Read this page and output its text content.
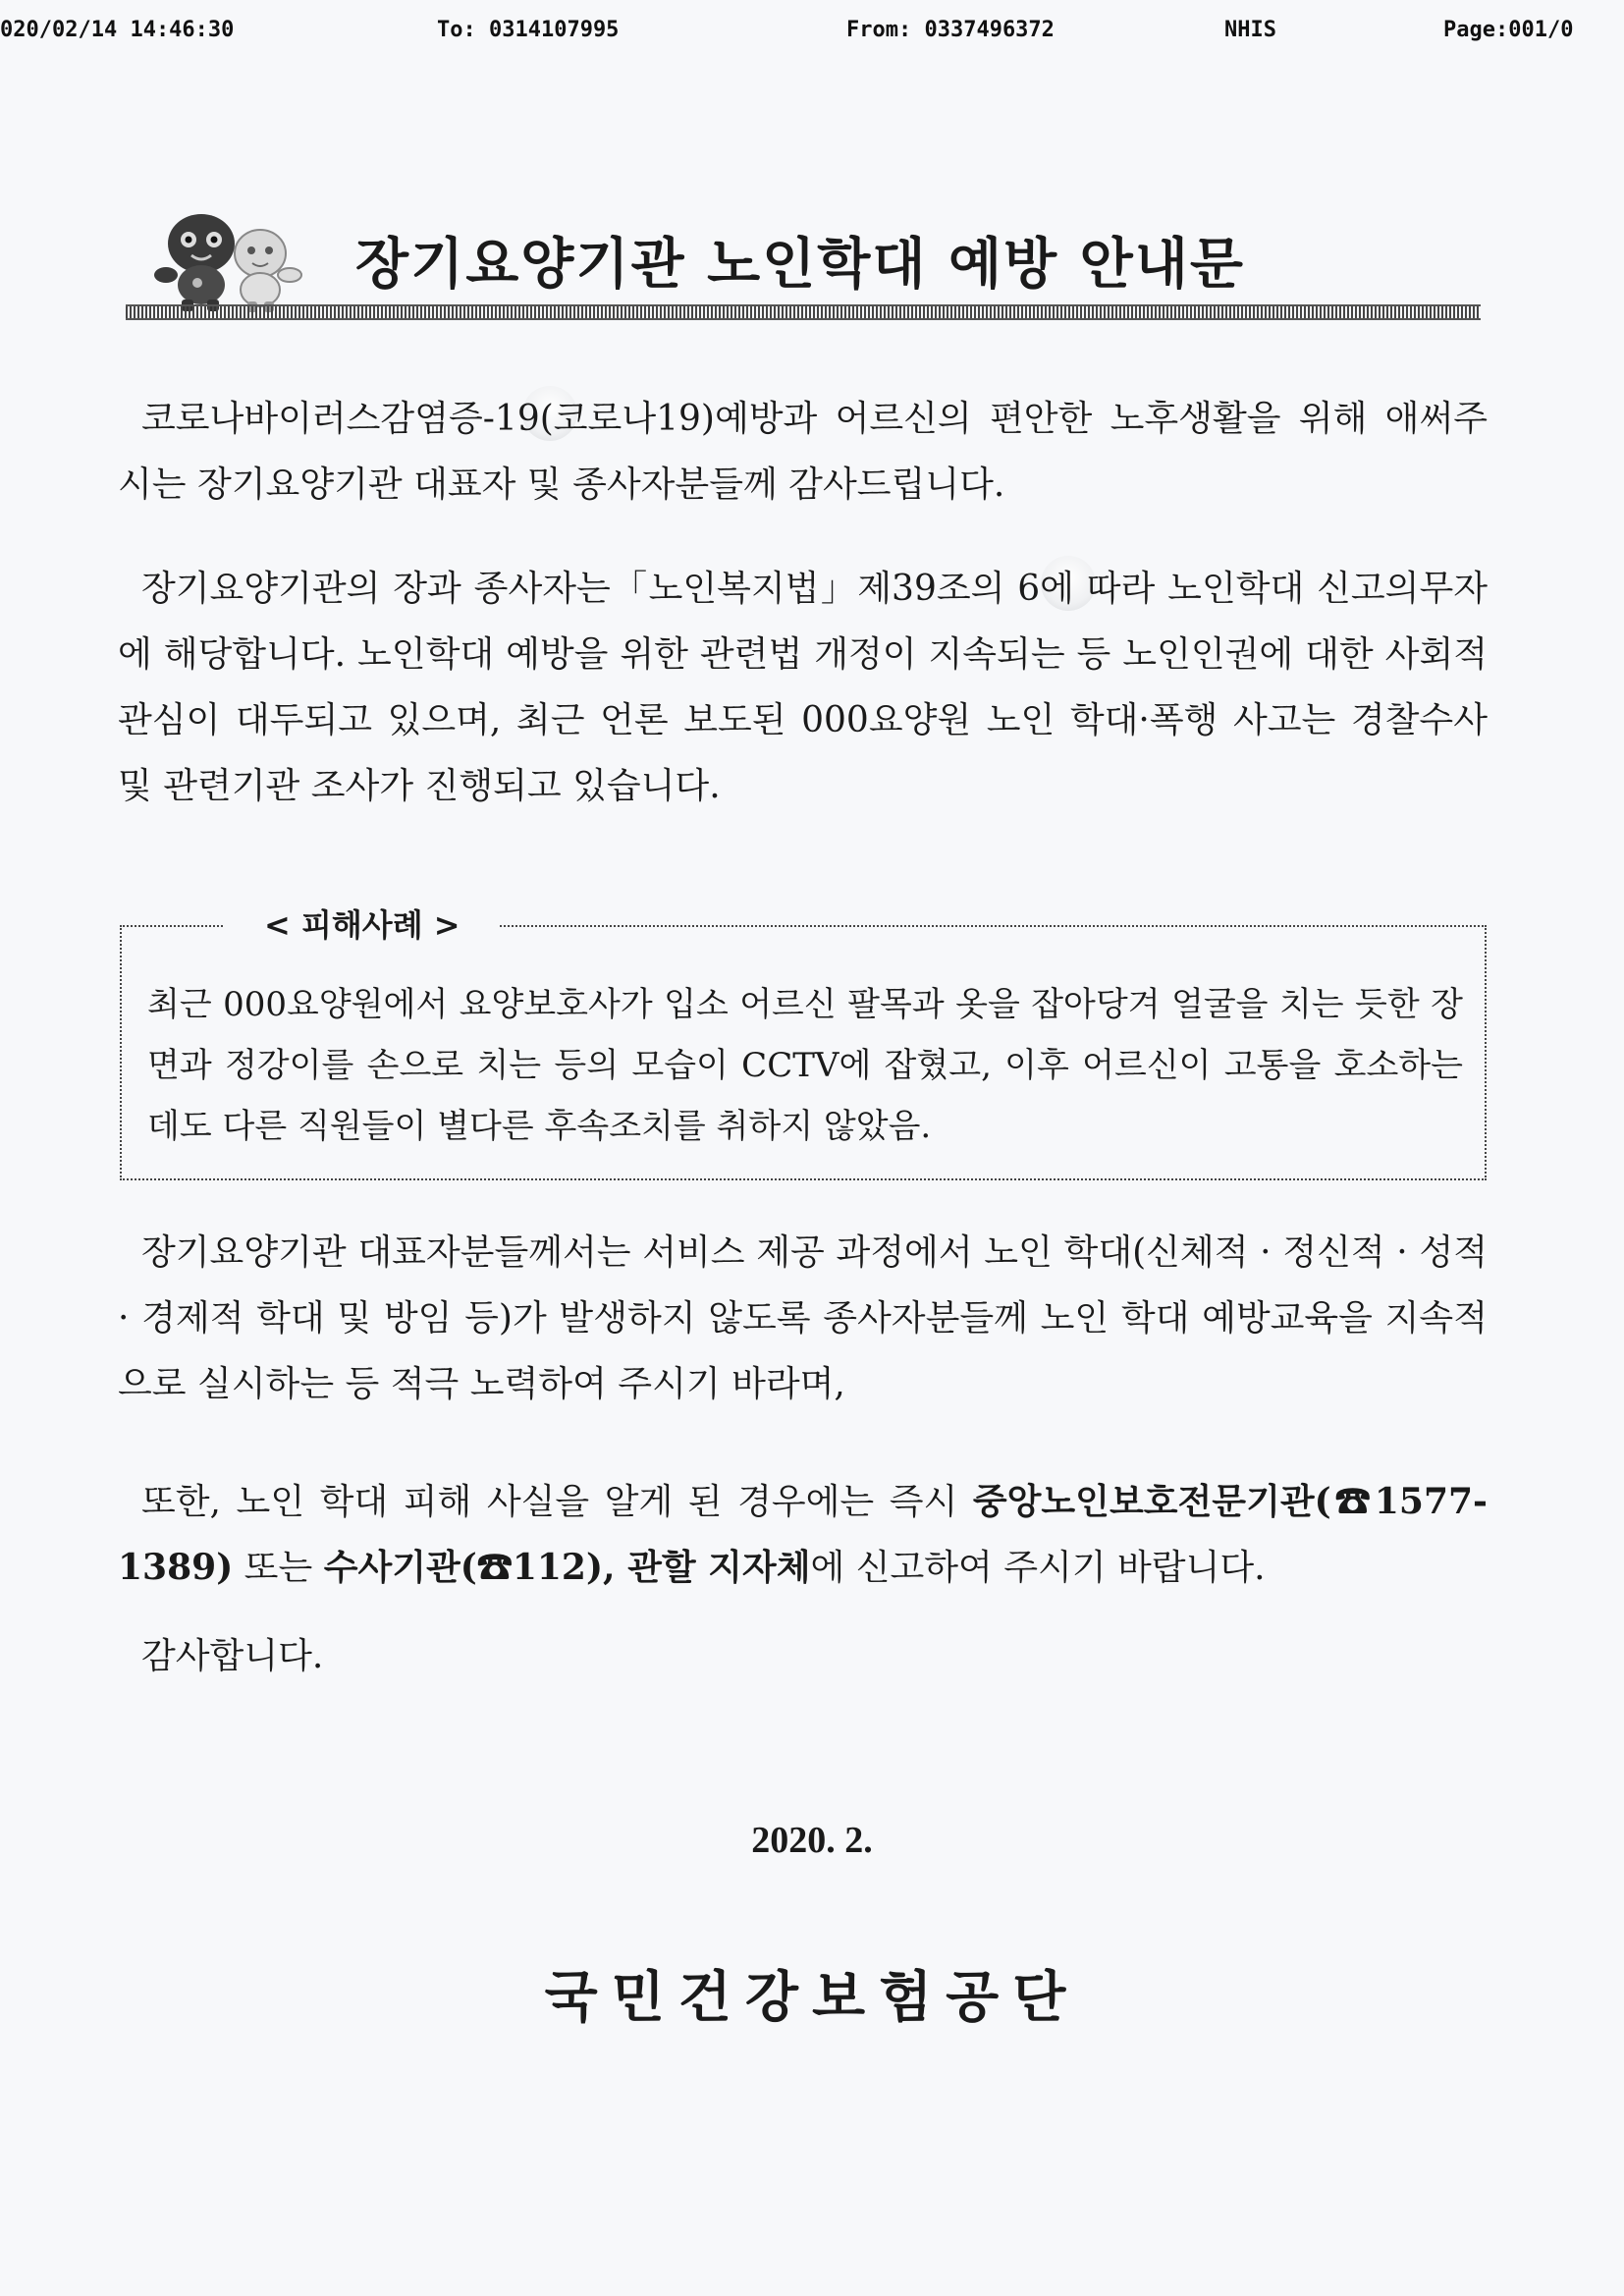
020/02/14 14:46:30	To: 0314107995	From: 0337496372	NHIS	Page:001/0
장기요양기관 노인학대 예방 안내문
코로나바이러스감염증-19(코로나19)예방과 어르신의 편안한 노후생활을 위해 애써주시는 장기요양기관 대표자 및 종사자분들께 감사드립니다.
장기요양기관의 장과 종사자는「노인복지법」제39조의 6에 따라 노인학대 신고의무자에 해당합니다. 노인학대 예방을 위한 관련법 개정이 지속되는 등 노인인권에 대한 사회적 관심이 대두되고 있으며, 최근 언론 보도된 000요양원 노인 학대·폭행 사고는 경찰수사 및 관련기관 조사가 진행되고 있습니다.
< 피해사례 >
최근 000요양원에서 요양보호사가 입소 어르신 팔목과 옷을 잡아당겨 얼굴을 치는 듯한 장면과 정강이를 손으로 치는 등의 모습이 CCTV에 잡혔고, 이후 어르신이 고통을 호소하는데도 다른 직원들이 별다른 후속조치를 취하지 않았음.
장기요양기관 대표자분들께서는 서비스 제공 과정에서 노인 학대(신체적 · 정신적 · 성적 · 경제적 학대 및 방임 등)가 발생하지 않도록 종사자분들께 노인 학대 예방교육을 지속적으로 실시하는 등 적극 노력하여 주시기 바라며,
또한, 노인 학대 피해 사실을 알게 된 경우에는 즉시 중앙노인보호전문기관(☎1577-1389) 또는 수사기관(☎112), 관할 지자체에 신고하여 주시기 바랍니다.
감사합니다.
2020. 2.
국민건강보험공단
